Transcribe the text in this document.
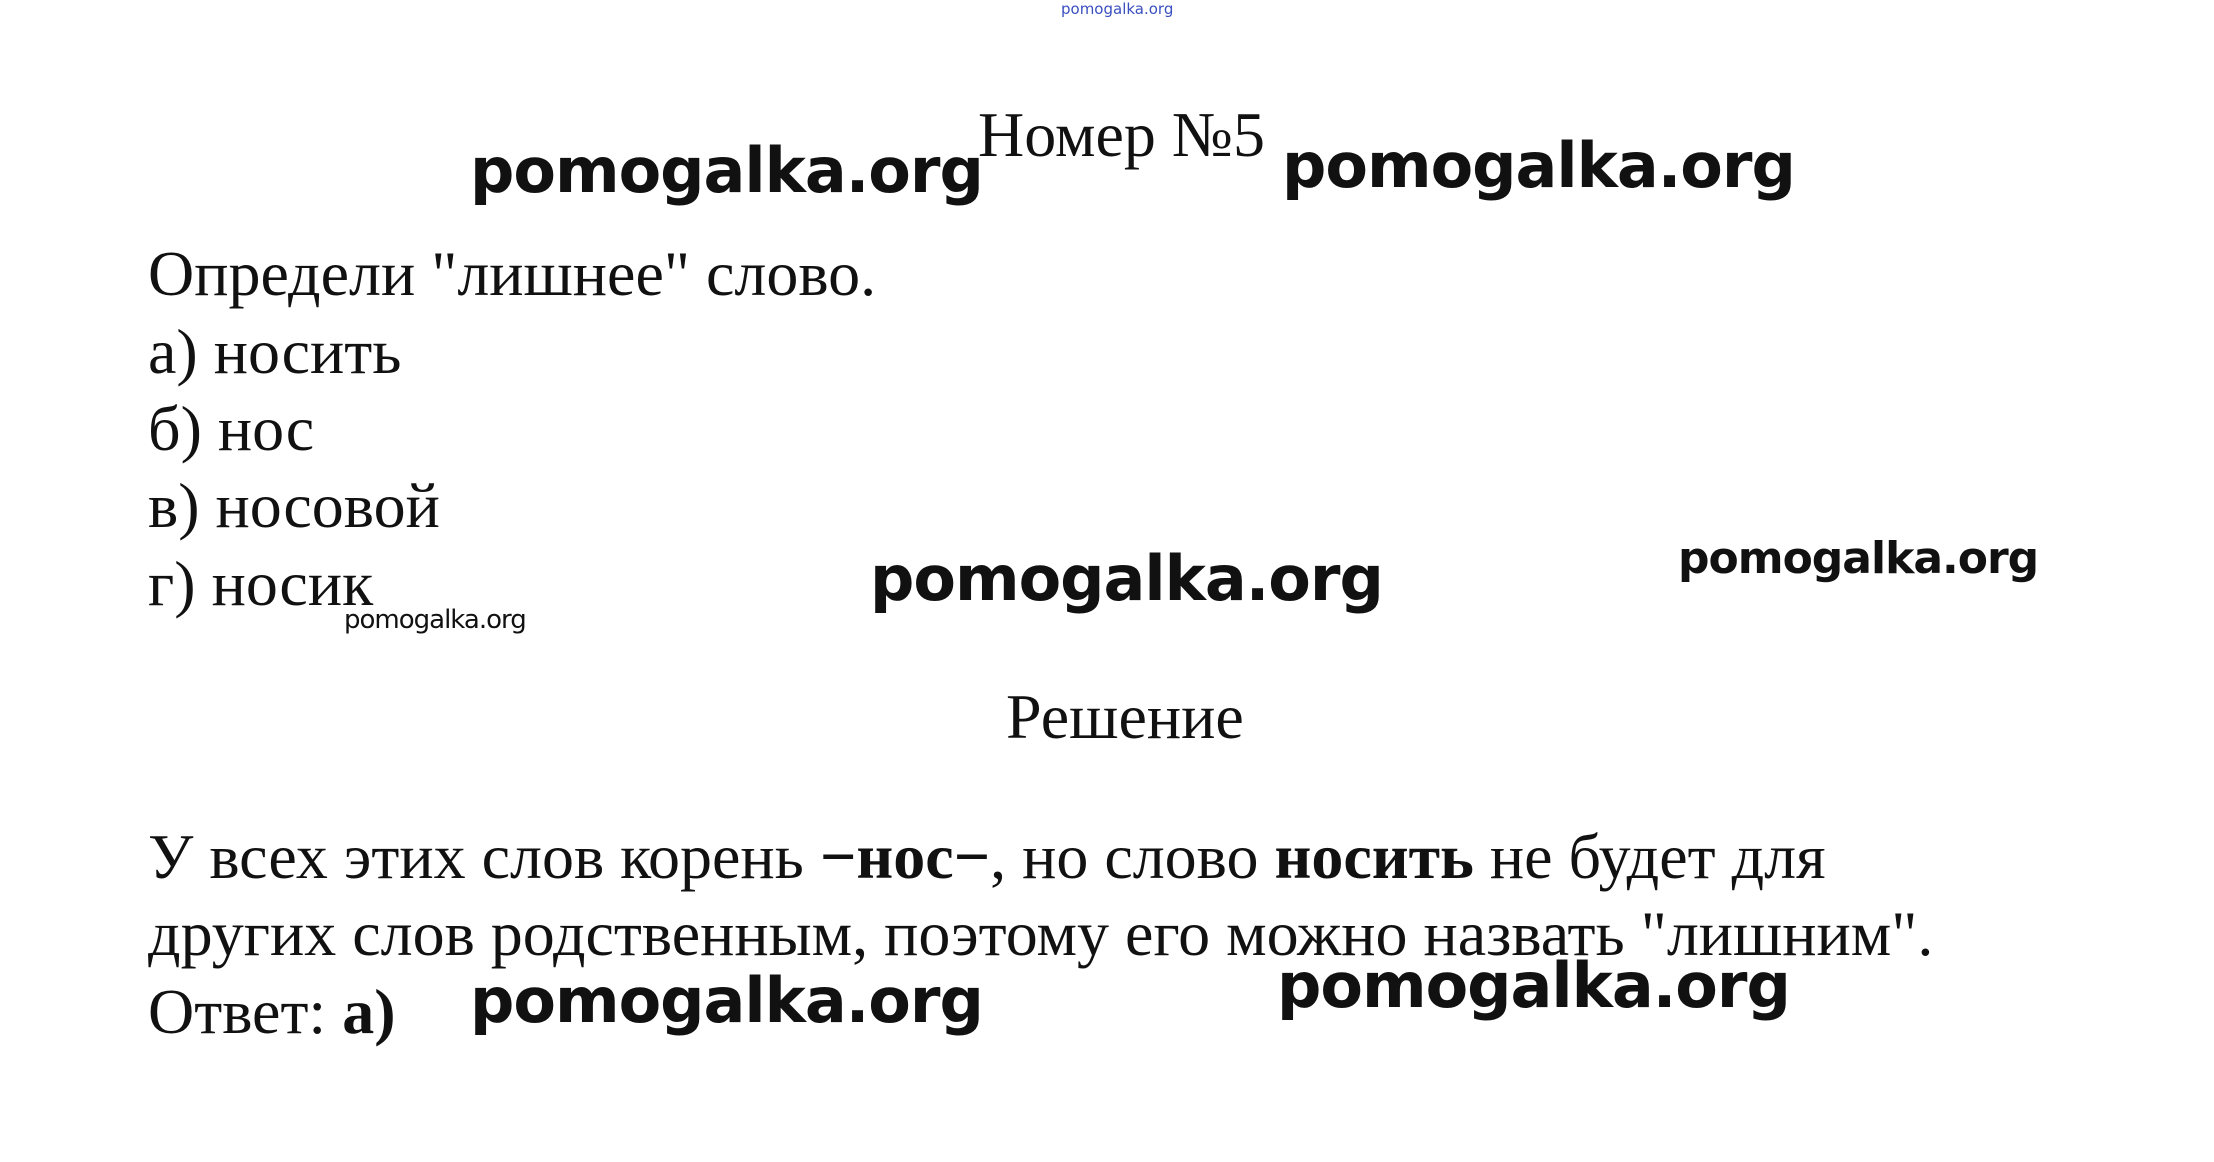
pomogalka.org
Номер №5
Определи "лишнее" слово.
а) носить
б) нос
в) носовой
г) носик
Решение
У всех этих слов корень −нос−, но слово носить не будет для
других слов родственным, поэтому его можно назвать "лишним".
Ответ: а)
pomogalka.org	pomogalka.org
pomogalka.org	pomogalka.org
pomogalka.org
pomogalka.org
pomogalka.org
